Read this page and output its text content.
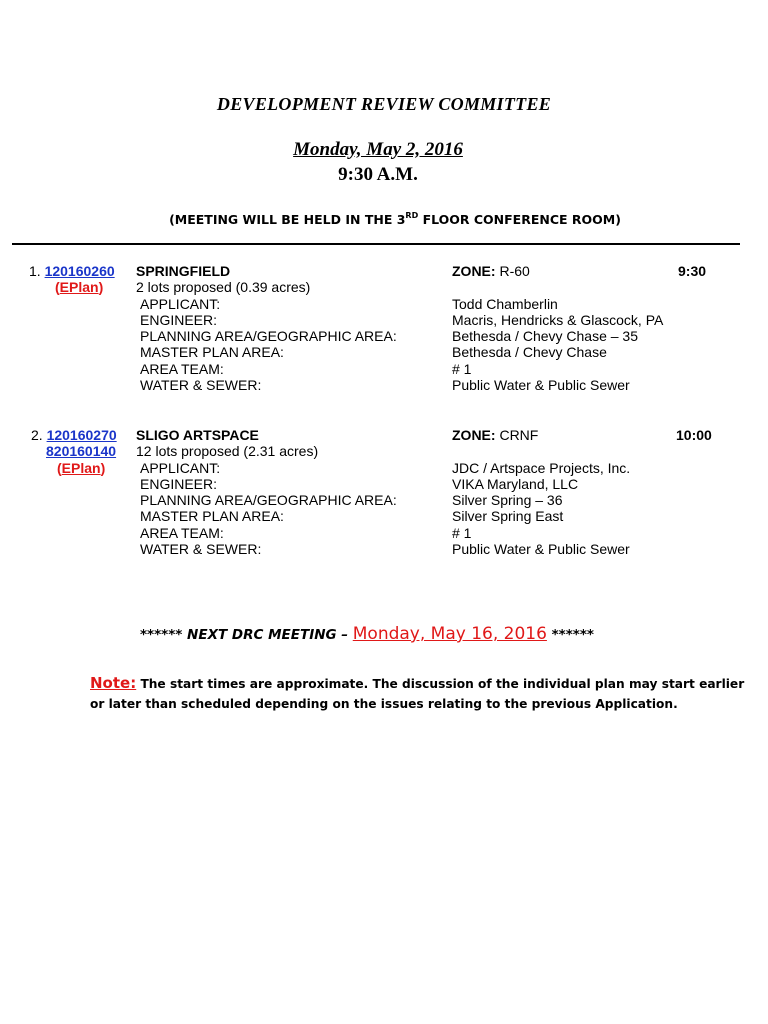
DEVELOPMENT REVIEW COMMITTEE
Monday, May 2, 2016
9:30 A.M.
(MEETING WILL BE HELD IN THE 3RD FLOOR CONFERENCE ROOM)
1. 120160260
(EPlan)
SPRINGFIELD
2 lots proposed (0.39 acres)
APPLICANT:
ENGINEER:
PLANNING AREA/GEOGRAPHIC AREA:
MASTER PLAN AREA:
AREA TEAM:
WATER & SEWER:
ZONE: R-60	9:30
Todd Chamberlin
Macris, Hendricks & Glascock, PA
Bethesda / Chevy Chase – 35
Bethesda / Chevy Chase
# 1
Public Water & Public Sewer
2. 120160270
820160140
(EPlan)
SLIGO ARTSPACE
12 lots proposed (2.31 acres)
APPLICANT:
ENGINEER:
PLANNING AREA/GEOGRAPHIC AREA:
MASTER PLAN AREA:
AREA TEAM:
WATER & SEWER:
ZONE: CRNF	10:00
JDC / Artspace Projects, Inc.
VIKA Maryland, LLC
Silver Spring – 36
Silver Spring East
# 1
Public Water & Public Sewer
****** NEXT DRC MEETING – Monday, May 16, 2016 ******
Note: The start times are approximate. The discussion of the individual plan may start earlier or later than scheduled depending on the issues relating to the previous Application.
